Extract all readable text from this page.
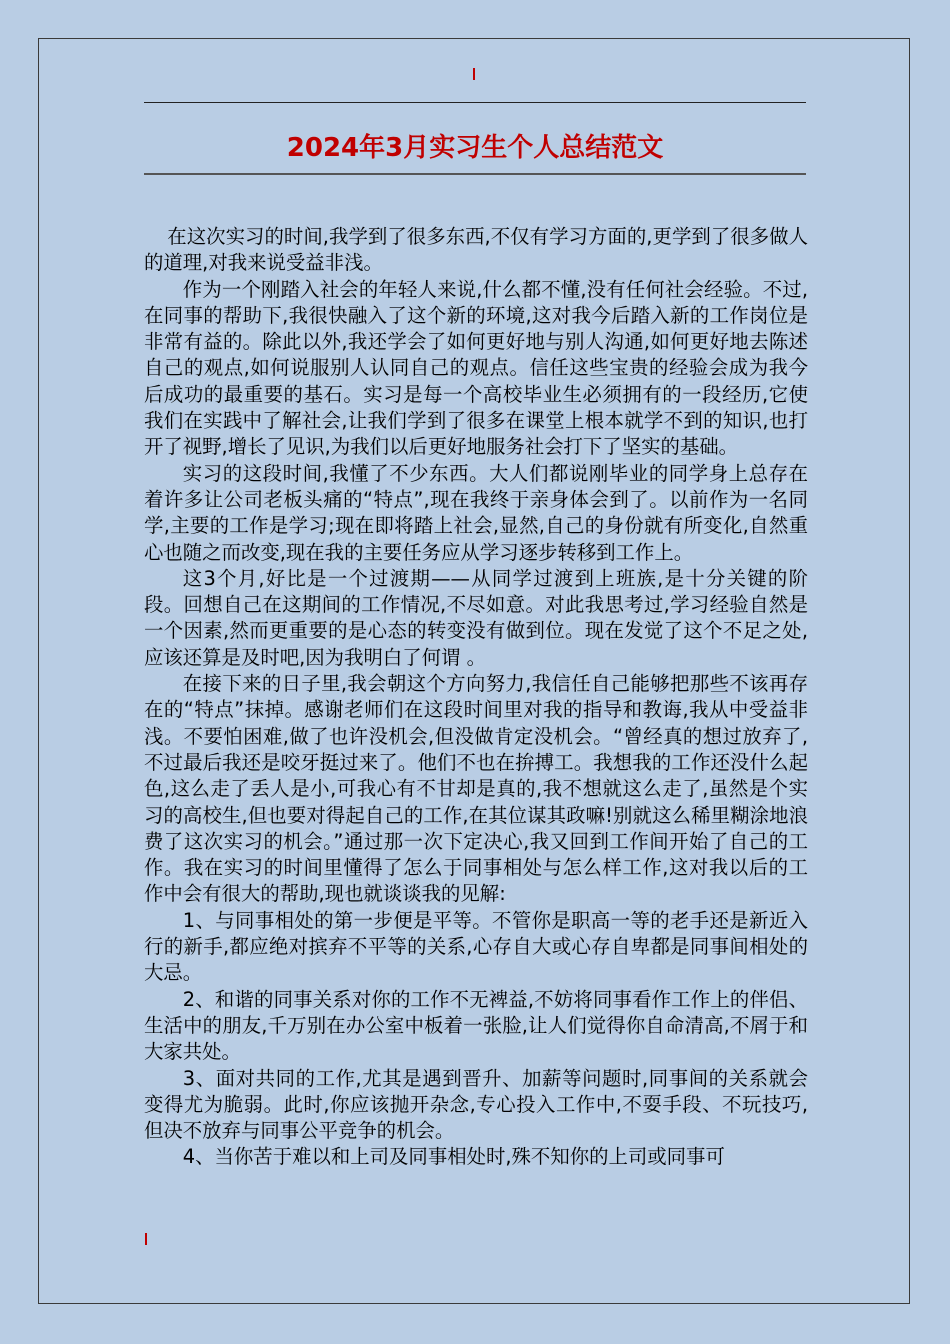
2024年3月实习生个人总结范文

在这次实习的时间,我学到了很多东西,不仅有学习方面的,更学到了很多做人的道理,对我来说受益非浅。

作为一个刚踏入社会的年轻人来说,什么都不懂,没有任何社会经验。不过,在同事的帮助下,我很快融入了这个新的环境,这对我今后踏入新的工作岗位是非常有益的。除此以外,我还学会了如何更好地与别人沟通,如何更好地去陈述自己的观点,如何说服别人认同自己的观点。信任这些宝贵的经验会成为我今后成功的最重要的基石。实习是每一个高校毕业生必须拥有的一段经历,它使我们在实践中了解社会,让我们学到了很多在课堂上根本就学不到的知识,也打开了视野,增长了见识,为我们以后更好地服务社会打下了坚实的基础。

实习的这段时间,我懂了不少东西。大人们都说刚毕业的同学身上总存在着许多让公司老板头痛的“特点”,现在我终于亲身体会到了。以前作为一名同学,主要的工作是学习;现在即将踏上社会,显然,自己的身份就有所变化,自然重心也随之而改变,现在我的主要任务应从学习逐步转移到工作上。

这3个月,好比是一个过渡期——从同学过渡到上班族,是十分关键的阶段。回想自己在这期间的工作情况,不尽如意。对此我思考过,学习经验自然是一个因素,然而更重要的是心态的转变没有做到位。现在发觉了这个不足之处,应该还算是及时吧,因为我明白了何谓 。

在接下来的日子里,我会朝这个方向努力,我信任自己能够把那些不该再存在的“特点”抹掉。感谢老师们在这段时间里对我的指导和教诲,我从中受益非浅。不要怕困难,做了也许没机会,但没做肯定没机会。“曾经真的想过放弃了,不过最后我还是咬牙挺过来了。他们不也在拚搏工。我想我的工作还没什么起色,这么走了丢人是小,可我心有不甘却是真的,我不想就这么走了,虽然是个实习的高校生,但也要对得起自己的工作,在其位谋其政嘛!别就这么稀里糊涂地浪费了这次实习的机会。”通过那一次下定决心,我又回到工作间开始了自己的工作。我在实习的时间里懂得了怎么于同事相处与怎么样工作,这对我以后的工作中会有很大的帮助,现也就谈谈我的见解:

1、与同事相处的第一步便是平等。不管你是职高一等的老手还是新近入行的新手,都应绝对摈弃不平等的关系,心存自大或心存自卑都是同事间相处的大忌。

2、和谐的同事关系对你的工作不无裨益,不妨将同事看作工作上的伴侣、生活中的朋友,千万别在办公室中板着一张脸,让人们觉得你自命清高,不屑于和大家共处。

3、面对共同的工作,尤其是遇到晋升、加薪等问题时,同事间的关系就会变得尤为脆弱。此时,你应该抛开杂念,专心投入工作中,不耍手段、不玩技巧,但决不放弃与同事公平竞争的机会。

4、当你苦于难以和上司及同事相处时,殊不知你的上司或同事可
